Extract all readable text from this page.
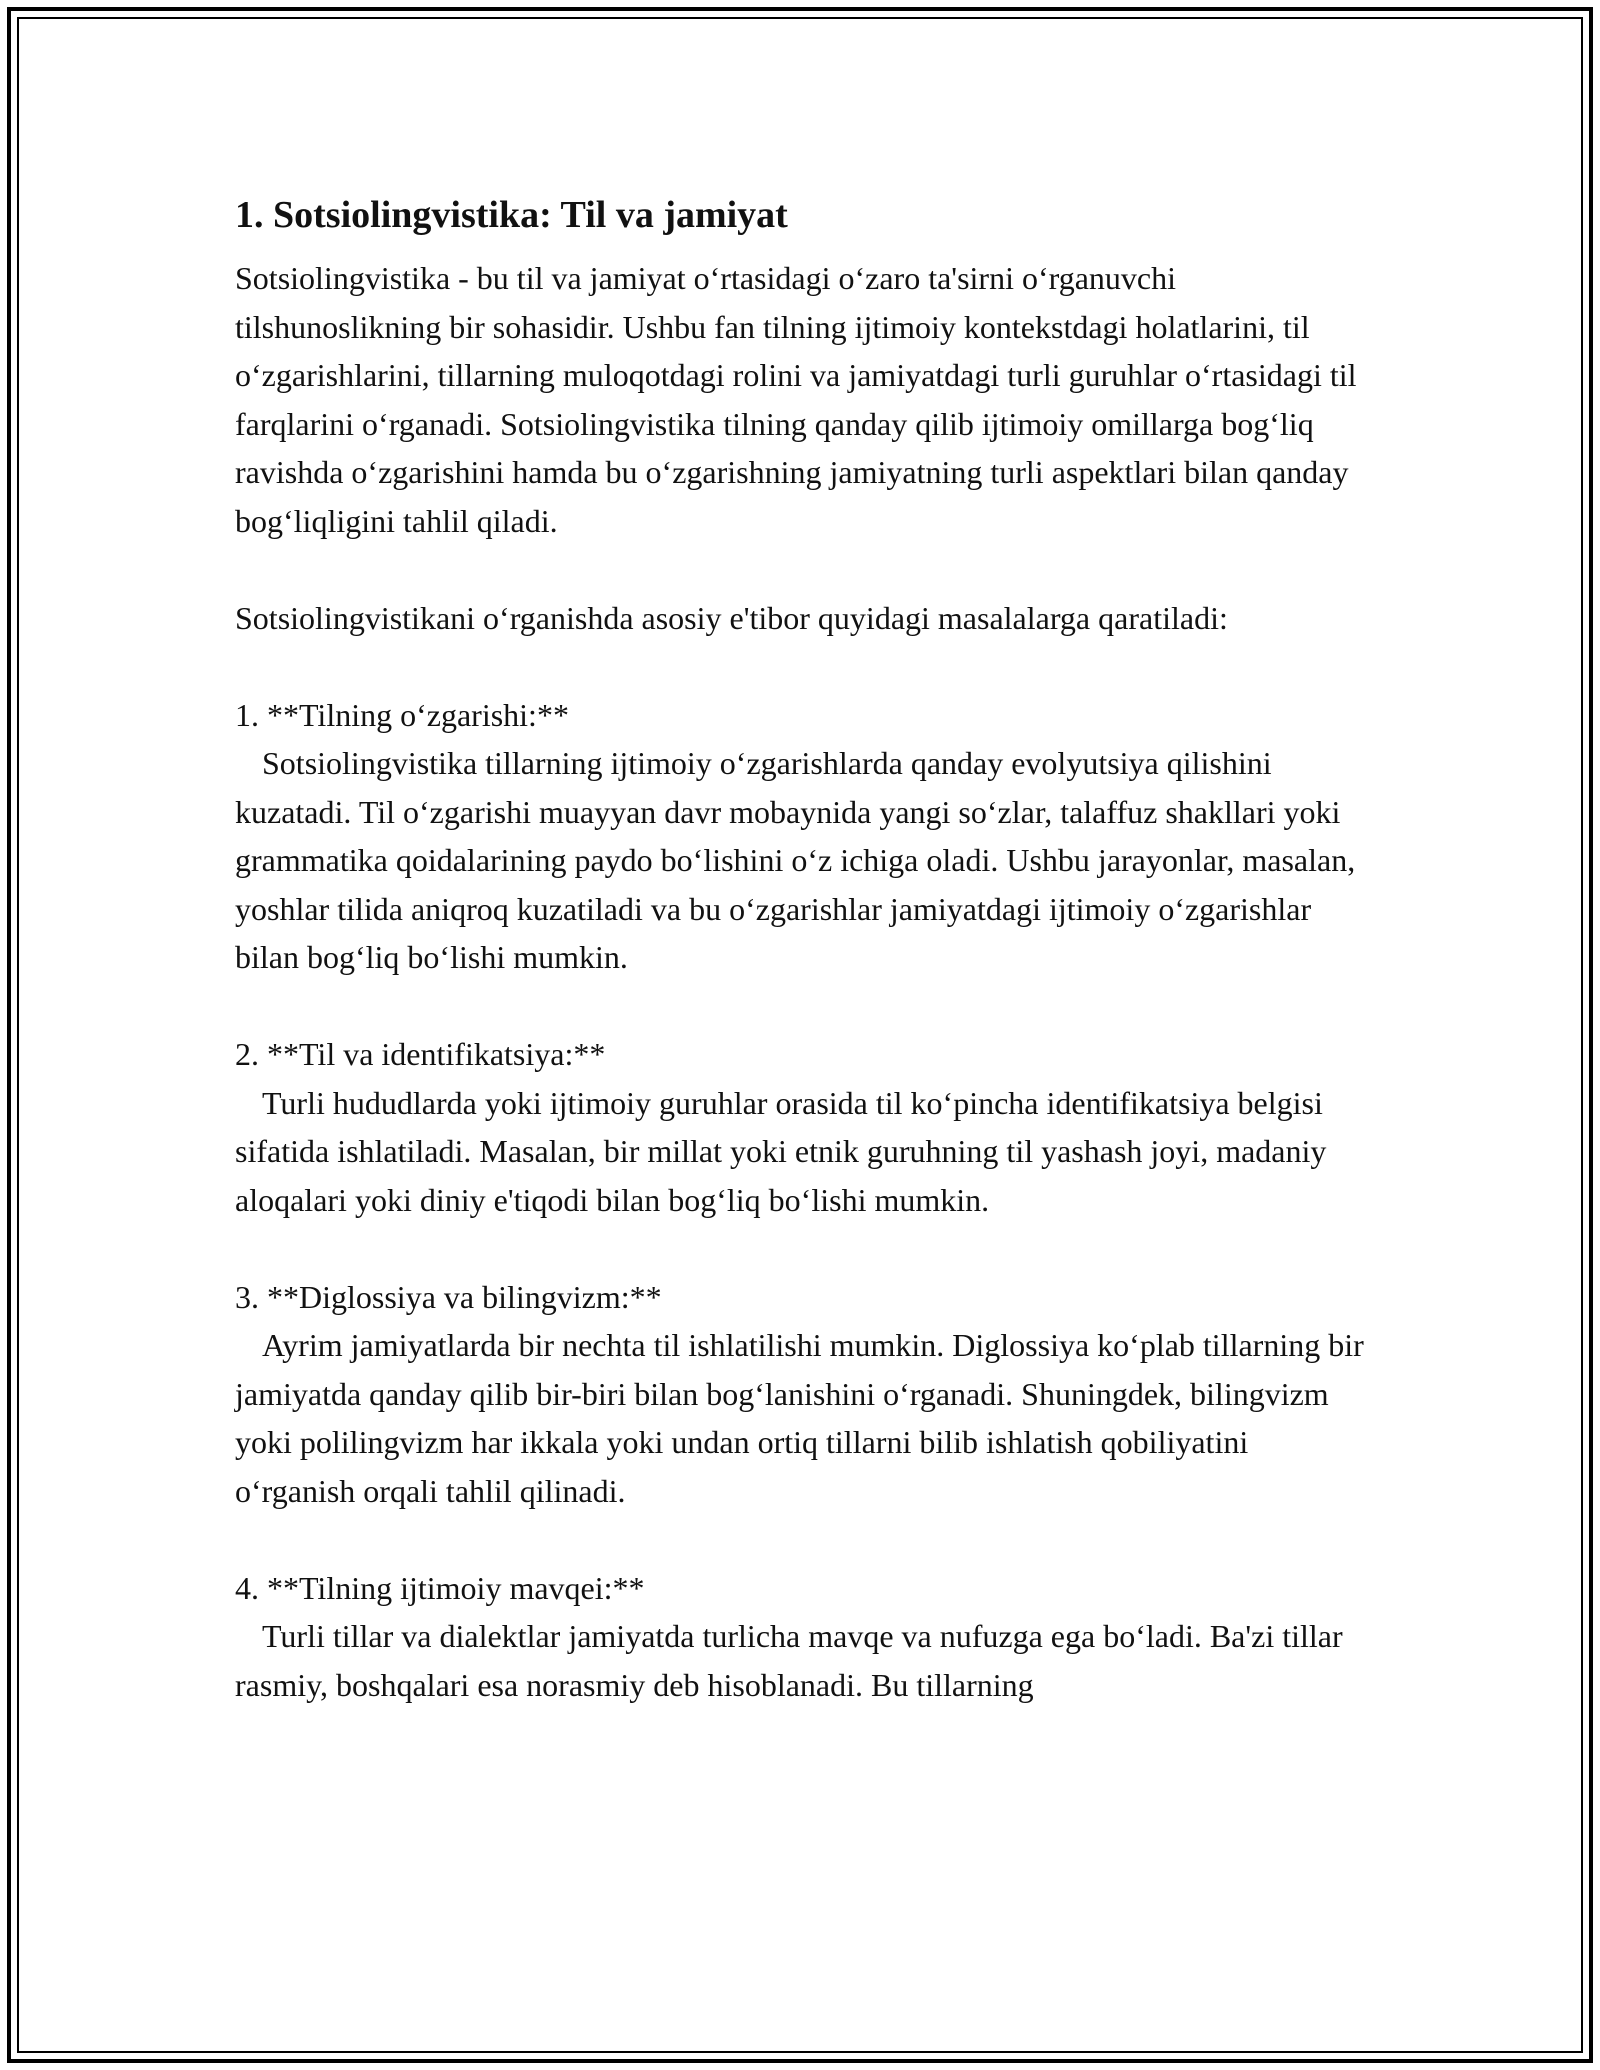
1. Sotsiolingvistika: Til va jamiyat

Sotsiolingvistika - bu til va jamiyat o‘rtasidagi o‘zaro ta'sirni o‘rganuvchi tilshunoslikning bir sohasidir. Ushbu fan tilning ijtimoiy kontekstdagi holatlarini, til o‘zgarishlarini, tillarning muloqotdagi rolini va jamiyatdagi turli guruhlar o‘rtasidagi til farqlarini o‘rganadi. Sotsiolingvistika tilning qanday qilib ijtimoiy omillarga bog‘liq ravishda o‘zgarishini hamda bu o‘zgarishning jamiyatning turli aspektlari bilan qanday bog‘liqligini tahlil qiladi.

Sotsiolingvistikani o‘rganishda asosiy e'tibor quyidagi masalalarga qaratiladi:

1. **Tilning o‘zgarishi:**

Sotsiolingvistika tillarning ijtimoiy o‘zgarishlarda qanday evolyutsiya qilishini kuzatadi. Til o‘zgarishi muayyan davr mobaynida yangi so‘zlar, talaffuz shakllari yoki grammatika qoidalarining paydo bo‘lishini o‘z ichiga oladi. Ushbu jarayonlar, masalan, yoshlar tilida aniqroq kuzatiladi va bu o‘zgarishlar jamiyatdagi ijtimoiy o‘zgarishlar bilan bog‘liq bo‘lishi mumkin.

2. **Til va identifikatsiya:**

Turli hududlarda yoki ijtimoiy guruhlar orasida til ko‘pincha identifikatsiya belgisi sifatida ishlatiladi. Masalan, bir millat yoki etnik guruhning til yashash joyi, madaniy aloqalari yoki diniy e'tiqodi bilan bog‘liq bo‘lishi mumkin.

3. **Diglossiya va bilingvizm:**

Ayrim jamiyatlarda bir nechta til ishlatilishi mumkin. Diglossiya ko‘plab tillarning bir jamiyatda qanday qilib bir-biri bilan bog‘lanishini o‘rganadi. Shuningdek, bilingvizm yoki polilingvizm har ikkala yoki undan ortiq tillarni bilib ishlatish qobiliyatini o‘rganish orqali tahlil qilinadi.

4. **Tilning ijtimoiy mavqei:**

Turli tillar va dialektlar jamiyatda turlicha mavqe va nufuzga ega bo‘ladi. Ba'zi tillar rasmiy, boshqalari esa norasmiy deb hisoblanadi. Bu tillarning
